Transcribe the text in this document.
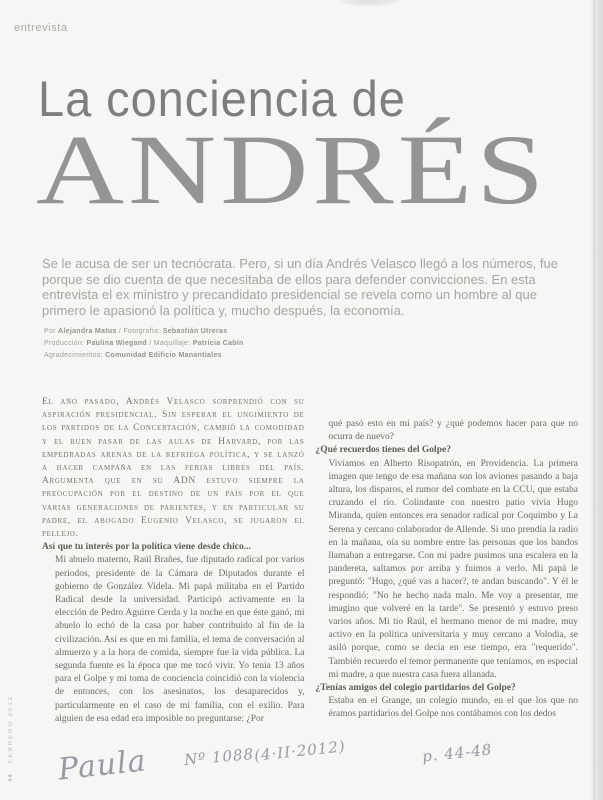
entrevista
La conciencia de
ANDRÉS

Se le acusa de ser un tecnócrata. Pero, si un día Andrés Velasco llegó a los números, fue porque se dio cuenta de que necesitaba de ellos para defender convicciones. En esta entrevista el ex ministro y precandidato presidencial se revela como un hombre al que primero le apasionó la política y, mucho después, la economía.

Por Alejandra Matus / Fotografía: Sebastián Utreras
Producción: Paulina Wiegand / Maquillaje: Patricia Cabín
Agradecimientos: Comunidad Edificio Manantiales

El año pasado, Andrés Velasco sorprendió con su aspiración presidencial. Sin esperar el ungimiento de los partidos de la Concertación, cambió la comodidad y el buen pasar de las aulas de Harvard, por las empedradas arenas de la refriega política, y se lanzó a hacer campaña en las ferias libres del país. Argumenta que en su ADN estuvo siempre la preocupación por el destino de un país por el que varias generaciones de parientes, y en particular su padre, el abogado Eugenio Velasco, se jugaron el pellejo.

Así que tu interés por la política viene desde chico...

Mi abuelo materno, Raúl Brañes, fue diputado radical por varios periodos, presidente de la Cámara de Diputados durante el gobierno de González Videla. Mi papá militaba en el Partido Radical desde la universidad. Participó activamente en la elección de Pedro Aguirre Cerda y la noche en que éste ganó, mi abuelo lo echó de la casa por haber contribuido al fin de la civilización. Así es que en mi familia, el tema de conversación al almuerzo y a la hora de comida, siempre fue la vida pública. La segunda fuente es la época que me tocó vivir. Yo tenía 13 años para el Golpe y mi toma de conciencia coincidió con la violencia de entonces, con los asesinatos, los desaparecidos y, particularmente en el caso de mi familia, con el exilio. Para alguien de esa edad era imposible no preguntarse: ¿Por

qué pasó esto en mi país? y ¿qué podemos hacer para que no ocurra de nuevo?

¿Qué recuerdos tienes del Golpe?

Vivíamos en Alberto Risopatrón, en Providencia. La primera imagen que tengo de esa mañana son los aviones pasando a baja altura, los disparos, el rumor del combate en la CCU, que estaba cruzando el río. Colindante con nuestro patio vivía Hugo Miranda, quien entonces era senador radical por Coquimbo y La Serena y cercano colaborador de Allende. Si uno prendía la radio en la mañana, oía su nombre entre las personas que los bandos llamaban a entregarse. Con mi padre pusimos una escalera en la pandereta, saltamos por arriba y fuimos a verlo. Mi papá le preguntó: "Hugo, ¿qué vas a hacer?, te andan buscando". Y él le respondió: "No he hecho nada malo. Me voy a presentar, me imagino que volveré en la tarde". Se presentó y estuvo preso varios años. Mi tío Raúl, el hermano menor de mi madre, muy activo en la política universitaria y muy cercano a Volodia, se asiló porque, como se decía en ese tiempo, era "requerido". También recuerdo el temor permanente que teníamos, en especial mi madre, a que nuestra casa fuera allanada.

¿Tenías amigos del colegio partidarios del Golpe?

Estaba en el Grange, un colegio mundo, en el que los que no éramos partidarios del Golpe nos contábamos con los dedos

44
FEBRERO 2012
Paula Nº 1088
(4·II·2012)	p. 44-48
